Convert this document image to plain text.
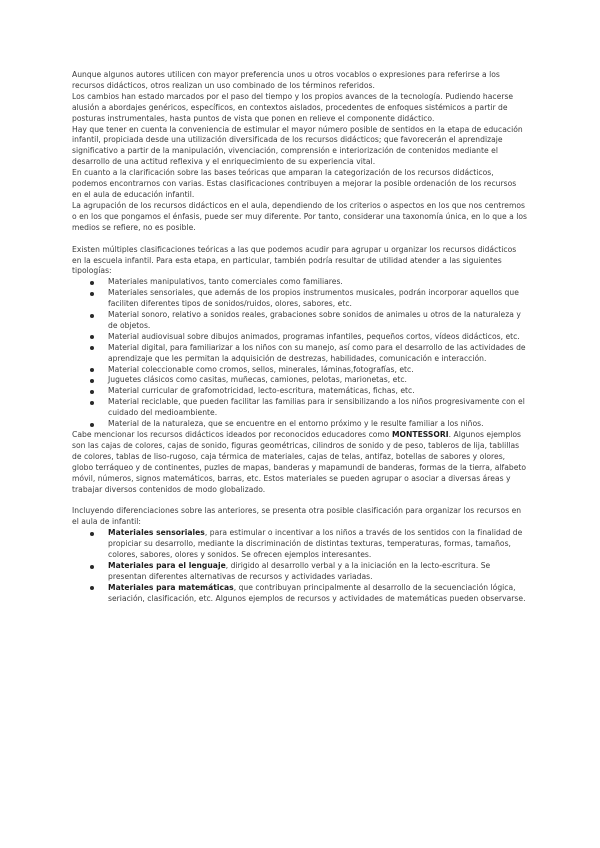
Aunque algunos autores utilicen con mayor preferencia unos u otros vocablos o expresiones para referirse a los recursos didácticos, otros realizan un uso combinado de los términos referidos.

Los cambios han estado marcados por el paso del tiempo y los propios avances de la tecnología. Pudiendo hacerse alusión a abordajes genéricos, específicos, en contextos aislados, procedentes de enfoques sistémicos a partir de posturas instrumentales, hasta puntos de vista que ponen en relieve el componente didáctico.

Hay que tener en cuenta la conveniencia de estimular el mayor número posible de sentidos en la etapa de educación infantil, propiciada desde una utilización diversificada de los recursos didácticos; que favorecerán el aprendizaje significativo a partir de la manipulación, vivenciación, comprensión e interiorización de contenidos mediante el desarrollo de una actitud reflexiva y el enriquecimiento de su experiencia vital.

En cuanto a la clarificación sobre las bases teóricas que amparan la categorización de los recursos didácticos, podemos encontrarnos con varias. Estas clasificaciones contribuyen a mejorar la posible ordenación de los recursos en el aula de educación infantil.

La agrupación de los recursos didácticos en el aula, dependiendo de los criterios o aspectos en los que nos centremos o en los que pongamos el énfasis, puede ser muy diferente. Por tanto, considerar una taxonomía única, en lo que a los medios se refiere, no es posible.

Existen múltiples clasificaciones teóricas a las que podemos acudir para agrupar u organizar los recursos didácticos en la escuela infantil. Para esta etapa, en particular, también podría resultar de utilidad atender a las siguientes tipologías:

Materiales manipulativos, tanto comerciales como familiares.
Materiales sensoriales, que además de los propios instrumentos musicales, podrán incorporar aquellos que faciliten diferentes tipos de sonidos/ruidos, olores, sabores, etc.
Material sonoro, relativo a sonidos reales, grabaciones sobre sonidos de animales u otros de la naturaleza y de objetos.
Material audiovisual sobre dibujos animados, programas infantiles, pequeños cortos, vídeos didácticos, etc.
Material digital, para familiarizar a los niños con su manejo, así como para el desarrollo de las actividades de aprendizaje que les permitan la adquisición de destrezas, habilidades, comunicación e interacción.
Material coleccionable como cromos, sellos, minerales, láminas,fotografías, etc.
Juguetes clásicos como casitas, muñecas, camiones, pelotas, marionetas, etc.
Material curricular de grafomotricidad, lecto-escritura, matemáticas, fichas, etc.
Material reciclable, que pueden facilitar las familias para ir sensibilizando a los niños progresivamente con el cuidado del medioambiente.
Material de la naturaleza, que se encuentre en el entorno próximo y le resulte familiar a los niños.

Cabe mencionar los recursos didácticos ideados por reconocidos educadores como MONTESSORI. Algunos ejemplos son las cajas de colores, cajas de sonido, figuras geométricas, cilindros de sonido y de peso, tableros de lija, tablillas de colores, tablas de liso-rugoso, caja térmica de materiales, cajas de telas, antifaz, botellas de sabores y olores, globo terráqueo y de continentes, puzles de mapas, banderas y mapamundi de banderas, formas de la tierra, alfabeto móvil, números, signos matemáticos, barras, etc. Estos materiales se pueden agrupar o asociar a diversas áreas y trabajar diversos contenidos de modo globalizado.

Incluyendo diferenciaciones sobre las anteriores, se presenta otra posible clasificación para organizar los recursos en el aula de infantil:

Materiales sensoriales, para estimular o incentivar a los niños a través de los sentidos con la finalidad de propiciar su desarrollo, mediante la discriminación de distintas texturas, temperaturas, formas, tamaños, colores, sabores, olores y sonidos. Se ofrecen ejemplos interesantes.
Materiales para el lenguaje, dirigido al desarrollo verbal y a la iniciación en la lecto-escritura. Se presentan diferentes alternativas de recursos y actividades variadas.
Materiales para matemáticas, que contribuyan principalmente al desarrollo de la secuenciación lógica, seriación, clasificación, etc. Algunos ejemplos de recursos y actividades de matemáticas pueden observarse.
